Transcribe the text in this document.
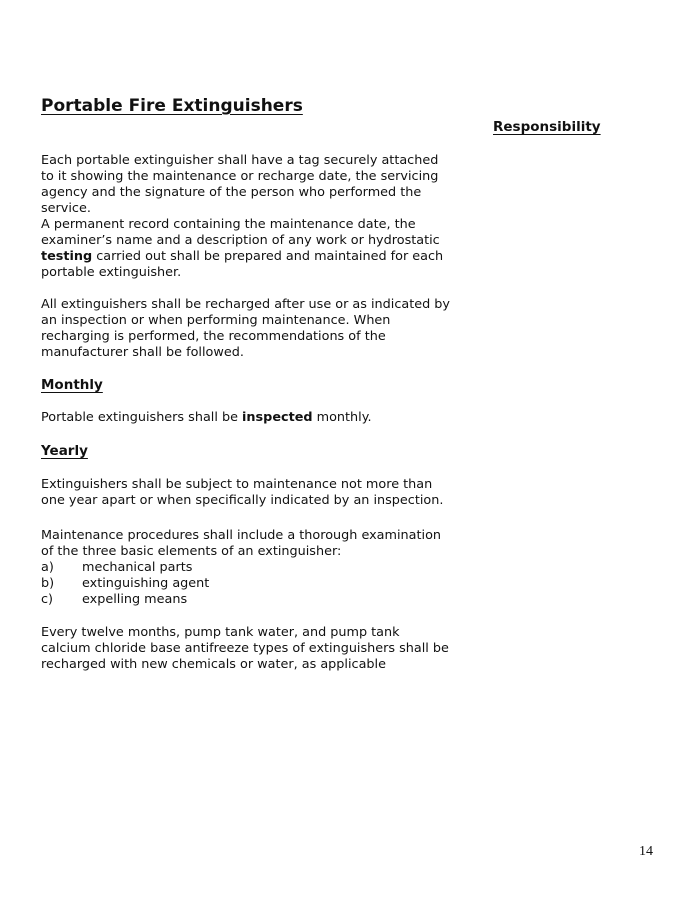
Portable Fire Extinguishers
Responsibility

Each portable extinguisher shall have a tag securely attached to it showing the maintenance or recharge date, the servicing agency and the signature of the person who performed the service.

A permanent record containing the maintenance date, the
examiner’s name and a description of any work or hydrostatic
testing carried out shall be prepared and maintained for each
portable extinguisher.

All extinguishers shall be recharged after use or as indicated by an inspection or when performing maintenance. When recharging is performed, the recommendations of the manufacturer shall be followed.

Monthly

Portable extinguishers shall be inspected monthly.

Yearly

Extinguishers shall be subject to maintenance not more than one year apart or when specifically indicated by an inspection.

Maintenance procedures shall include a thorough examination of the three basic elements of an extinguisher:

a) mechanical parts
b) extinguishing agent
c) expelling means

Every twelve months, pump tank water, and pump tank calcium chloride base antifreeze types of extinguishers shall be recharged with new chemicals or water, as applicable

14
